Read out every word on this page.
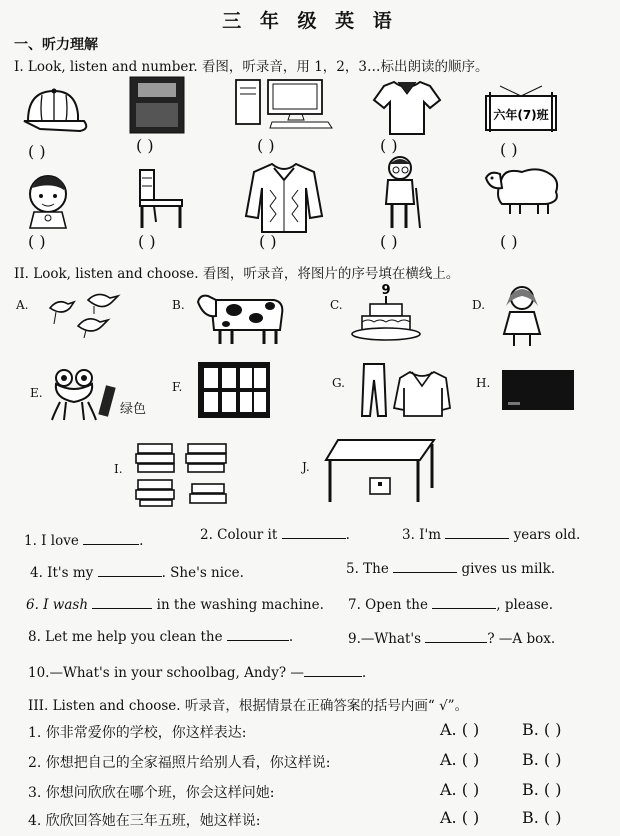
三 年 级 英 语
一、听力理解
I. Look, listen and number. 看图，听录音，用 1，2，3…标出朗读的顺序。
六年(7)班
( )	( )	( )	( )	( )
( )	( )	( )	( )	( )
II. Look, listen and choose. 看图，听录音，将图片的序号填在横线上。
A.	B.	C.
9
D.
E.
绿色
F.	G.	H.
I.	J.
1. I love	.	2. Colour it	.	3. I'm	years old.
4. It's my	. She's nice.	5. The	gives us milk.
6. I wash	in the washing machine. 7. Open the	, please.
8. Let me help you clean the	.	9.—What's	? —A box.
10.—What's in your schoolbag, Andy? —	.
III. Listen and choose. 听录音，根据情景在正确答案的括号内画“ √”。
1. 你非常爱你的学校，你这样表达:	A. ( )	B. ( )
2. 你想把自己的全家福照片给别人看，你这样说:	A. ( )	B. ( )
3. 你想问欣欣在哪个班，你会这样问她:	A. ( )	B. ( )
4. 欣欣回答她在三年五班，她这样说:	A. ( )	B. ( )
